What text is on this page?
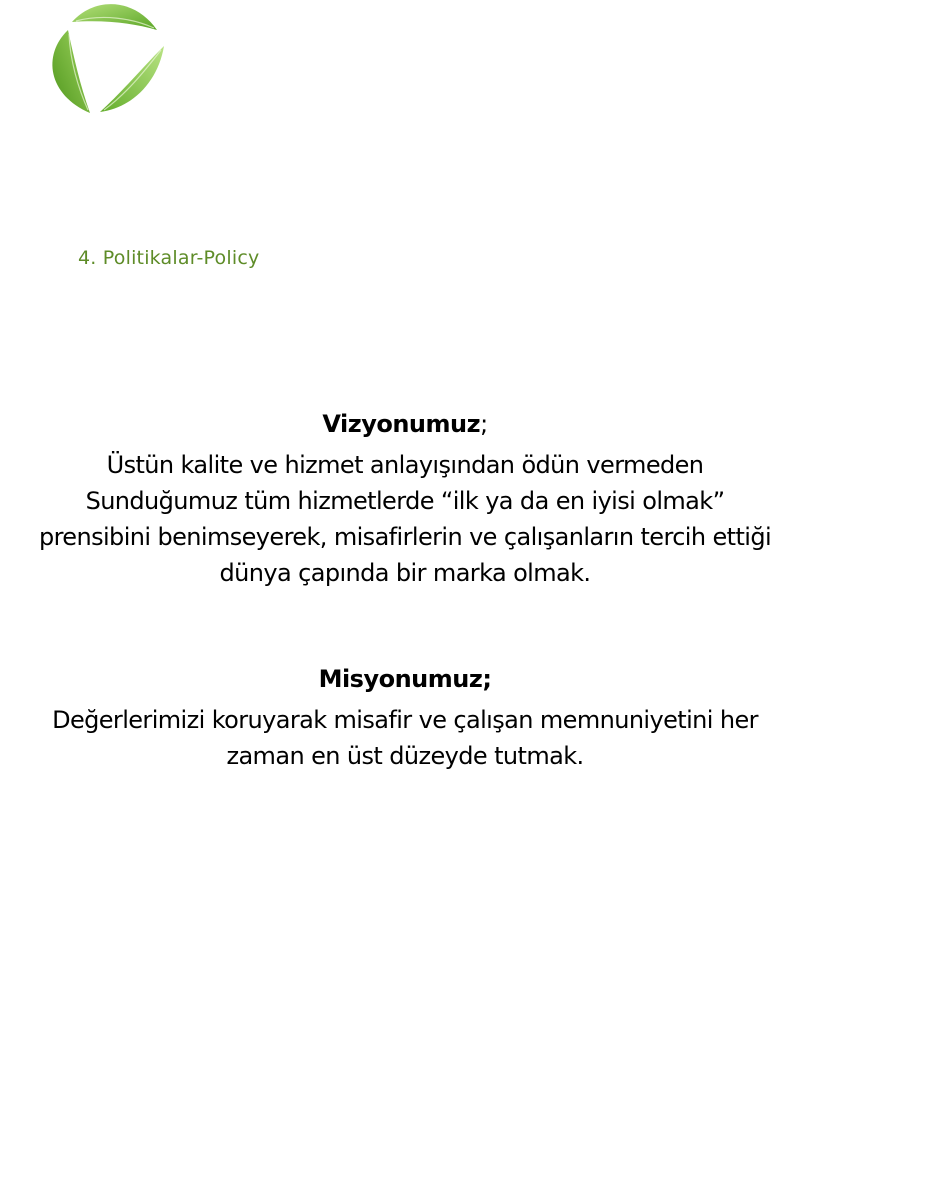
4. Politikalar-Policy
Vizyonumuz;
Üstün kalite ve hizmet anlayışından ödün vermeden
Sunduğumuz tüm hizmetlerde “ilk ya da en iyisi olmak”
prensibini benimseyerek, misafirlerin ve çalışanların tercih ettiği
dünya çapında bir marka olmak.
Misyonumuz;
Değerlerimizi koruyarak misafir ve çalışan memnuniyetini her
zaman en üst düzeyde tutmak.
